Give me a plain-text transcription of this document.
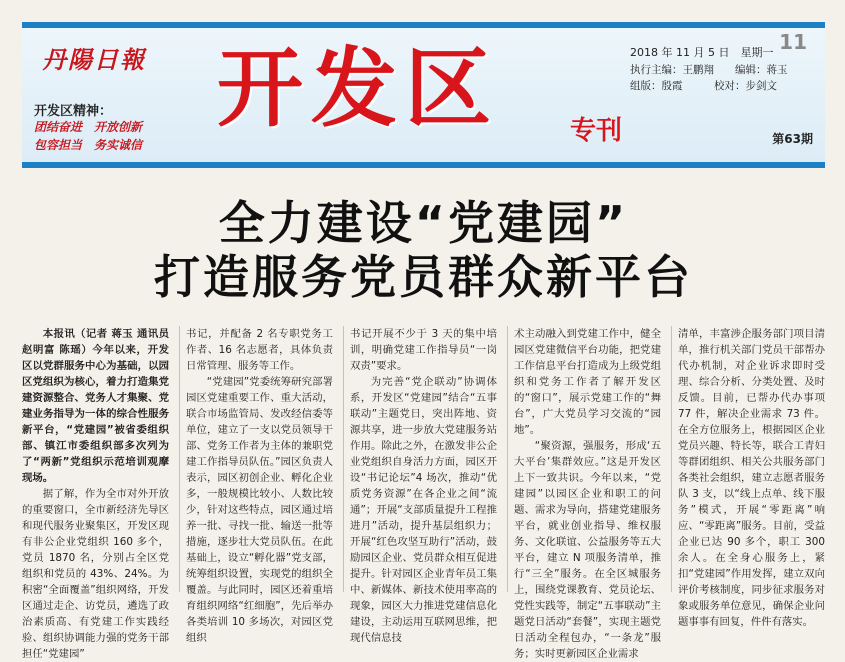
丹陽日報
开发区精神：
团结奋进　开放创新
包容担当　务实诚信
开发区	专刊
2018 年 11 月 5 日　星期一
执行主编：王鹏翔　　编辑：蒋玉
组版：殷霞　　　校对：步剑文
11
第63期
全力建设“党建园”
打造服务党员群众新平台

本报讯（记者 蒋玉 通讯员 赵明富 陈瑶）今年以来，开发区以党群服务中心为基础，以园区党组织为核心，着力打造集党建资源整合、党务人才集聚、党建业务指导为一体的综合性服务新平台，“党建园”被省委组织部、镇江市委组织部多次列为了“两新”党组织示范培训观摩现场。

据了解，作为全市对外开放的重要窗口，全市新经济先导区和现代服务业聚集区，开发区现有非公企业党组织 160 多个，党员 1870 名，分别占全区党组织和党员的 43%、24%。为积密“全面覆盖”组织网络，开发区通过走企、访党员，遴选了政治素质高、有党建工作实践经验、组织协调能力强的党务干部担任“党建园”

书记，并配备 2 名专职党务工作者、16 名志愿者，具体负责日常管理、服务等工作。

“党建园”党委统筹研究部署园区党建重要工作、重大活动，联合市场监管局、发改经信委等单位，建立了一支以党员领导干部、党务工作者为主体的兼职党建工作指导员队伍。”园区负责人表示，园区初创企业、孵化企业多，一般规模比较小、人数比较少，针对这些特点，园区通过培养一批、寻找一批、输送一批等措施，逐步壮大党员队伍。在此基础上，设立“孵化器”党支部，统筹组织设置，实现党的组织全覆盖。与此同时，园区还着重培育组织网络“红细胞”，先后举办各类培训 10 多场次，对园区党组织

书记开展不少于 3 天的集中培训，明确党建工作指导员“一岗双责”要求。

为完善“党企联动”协调体系，开发区“党建园”结合“五事联动”主题党日，突出阵地、资源共享，进一步放大党建服务站作用。除此之外，在激发非公企业党组织自身活力方面，园区开设“书记论坛”4 场次，推动“优质党务资源”在各企业之间“流通”；开展“支部质量提升工程推进月”活动，提升基层组织力；开展“红色攻坚互助行”活动，鼓励园区企业、党员群众相互促进提升。针对园区企业青年员工集中、新媒体、新技术使用率高的现象，园区大力推进党建信息化建设，主动运用互联网思维，把现代信息技

术主动融入到党建工作中，健全园区党建微信平台功能，把党建工作信息平台打造成为上级党组织和党务工作者了解开发区的“窗口”，展示党建工作的“舞台”，广大党员学习交流的“园地”。

“聚资源，强服务，形成‘五大平台’集群效应。”这是开发区上下一致共识。今年以来，“党建园”以园区企业和职工的问题、需求为导向，搭建党建服务平台，就业创业指导、维权服务、文化联谊、公益服务等五大平台，建立 N 项服务清单，推行“三全”服务。在全区城服务上，围绕党课教育、党员论坛、党性实践等，制定“五事联动”主题党日活动“套餐”，实现主题党日活动全程包办，“一条龙”服务；实时更新园区企业需求

清单，丰富涉企服务部门项目清单，推行机关部门党员干部帮办代办机制，对企业诉求即时受理、综合分析、分类处置、及时反馈。目前，已帮办代办事项 77 件，解决企业需求 73 件。在全方位服务上，根据园区企业党员兴趣、特长等，联合工青妇等群团组织、相关公共服务部门各类社会组织，建立志愿者服务队 3 支，以“线上点单、线下服务”模式，开展“零距离”响应、“零距离”服务。目前，受益企业已达 90 多个，职工 300 余人。在全身心服务上，紧扣“党建园”作用发挥，建立双向评价考核制度，同步征求服务对象或服务单位意见，确保企业问题事事有回复，件件有落实。
